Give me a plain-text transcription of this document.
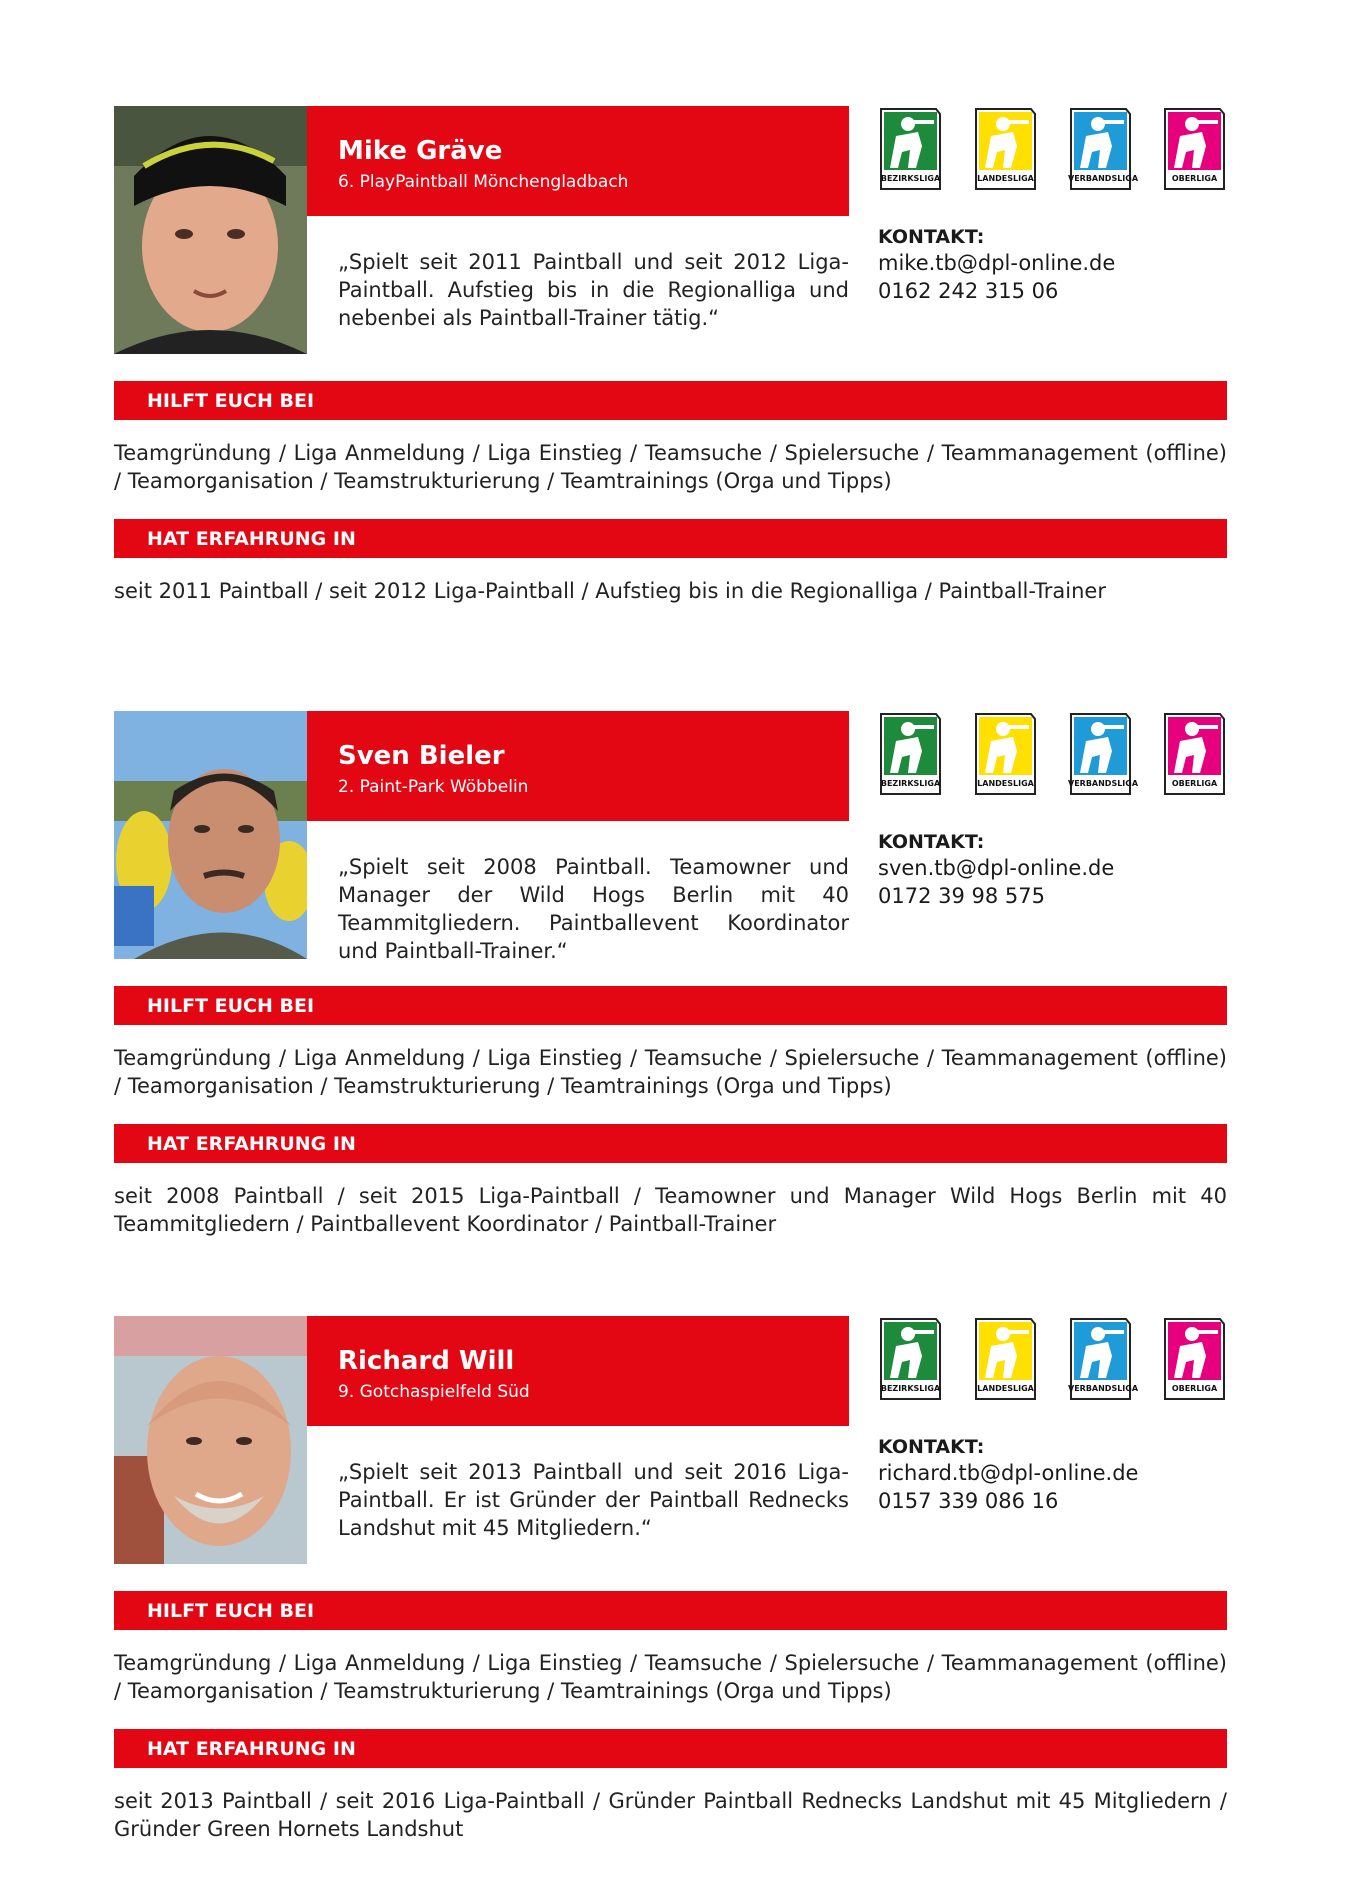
Mike Gräve
6. PlayPaintball Mönchengladbach
„Spielt seit 2011 Paintball und seit 2012 Liga-Paintball. Aufstieg bis in die Regionalliga und nebenbei als Paintball-Trainer tätig.“
BEZIRKSLIGA	LANDESLIGA	VERBANDSLIGA	OBERLIGA
KONTAKT:
mike.tb@dpl-online.de
0162 242 315 06
HILFT EUCH BEI
Teamgründung / Liga Anmeldung / Liga Einstieg / Teamsuche / Spielersuche / Teammanagement (offline) / Teamorganisation / Teamstrukturierung / Teamtrainings (Orga und Tipps)
HAT ERFAHRUNG IN
seit 2011 Paintball / seit 2012 Liga-Paintball / Aufstieg bis in die Regionalliga / Paintball-Trainer
Sven Bieler
2. Paint-Park Wöbbelin
„Spielt seit 2008 Paintball. Teamowner und Manager der Wild Hogs Berlin mit 40 Teammitgliedern. Paintballevent Koordinator und Paintball-Trainer.“
BEZIRKSLIGA	LANDESLIGA	VERBANDSLIGA	OBERLIGA
KONTAKT:
sven.tb@dpl-online.de
0172 39 98 575
HILFT EUCH BEI
Teamgründung / Liga Anmeldung / Liga Einstieg / Teamsuche / Spielersuche / Teammanagement (offline) / Teamorganisation / Teamstrukturierung / Teamtrainings (Orga und Tipps)
HAT ERFAHRUNG IN
seit 2008 Paintball / seit 2015 Liga-Paintball / Teamowner und Manager Wild Hogs Berlin mit 40 Teammitgliedern / Paintballevent Koordinator / Paintball-Trainer
Richard Will
9. Gotchaspielfeld Süd
„Spielt seit 2013 Paintball und seit 2016 Liga-Paintball. Er ist Gründer der Paintball Rednecks Landshut mit 45 Mitgliedern.“
BEZIRKSLIGA	LANDESLIGA	VERBANDSLIGA	OBERLIGA
KONTAKT:
richard.tb@dpl-online.de
0157 339 086 16
HILFT EUCH BEI
Teamgründung / Liga Anmeldung / Liga Einstieg / Teamsuche / Spielersuche / Teammanagement (offline) / Teamorganisation / Teamstrukturierung / Teamtrainings (Orga und Tipps)
HAT ERFAHRUNG IN
seit 2013 Paintball / seit 2016 Liga-Paintball / Gründer Paintball Rednecks Landshut mit 45 Mitgliedern / Gründer Green Hornets Landshut
